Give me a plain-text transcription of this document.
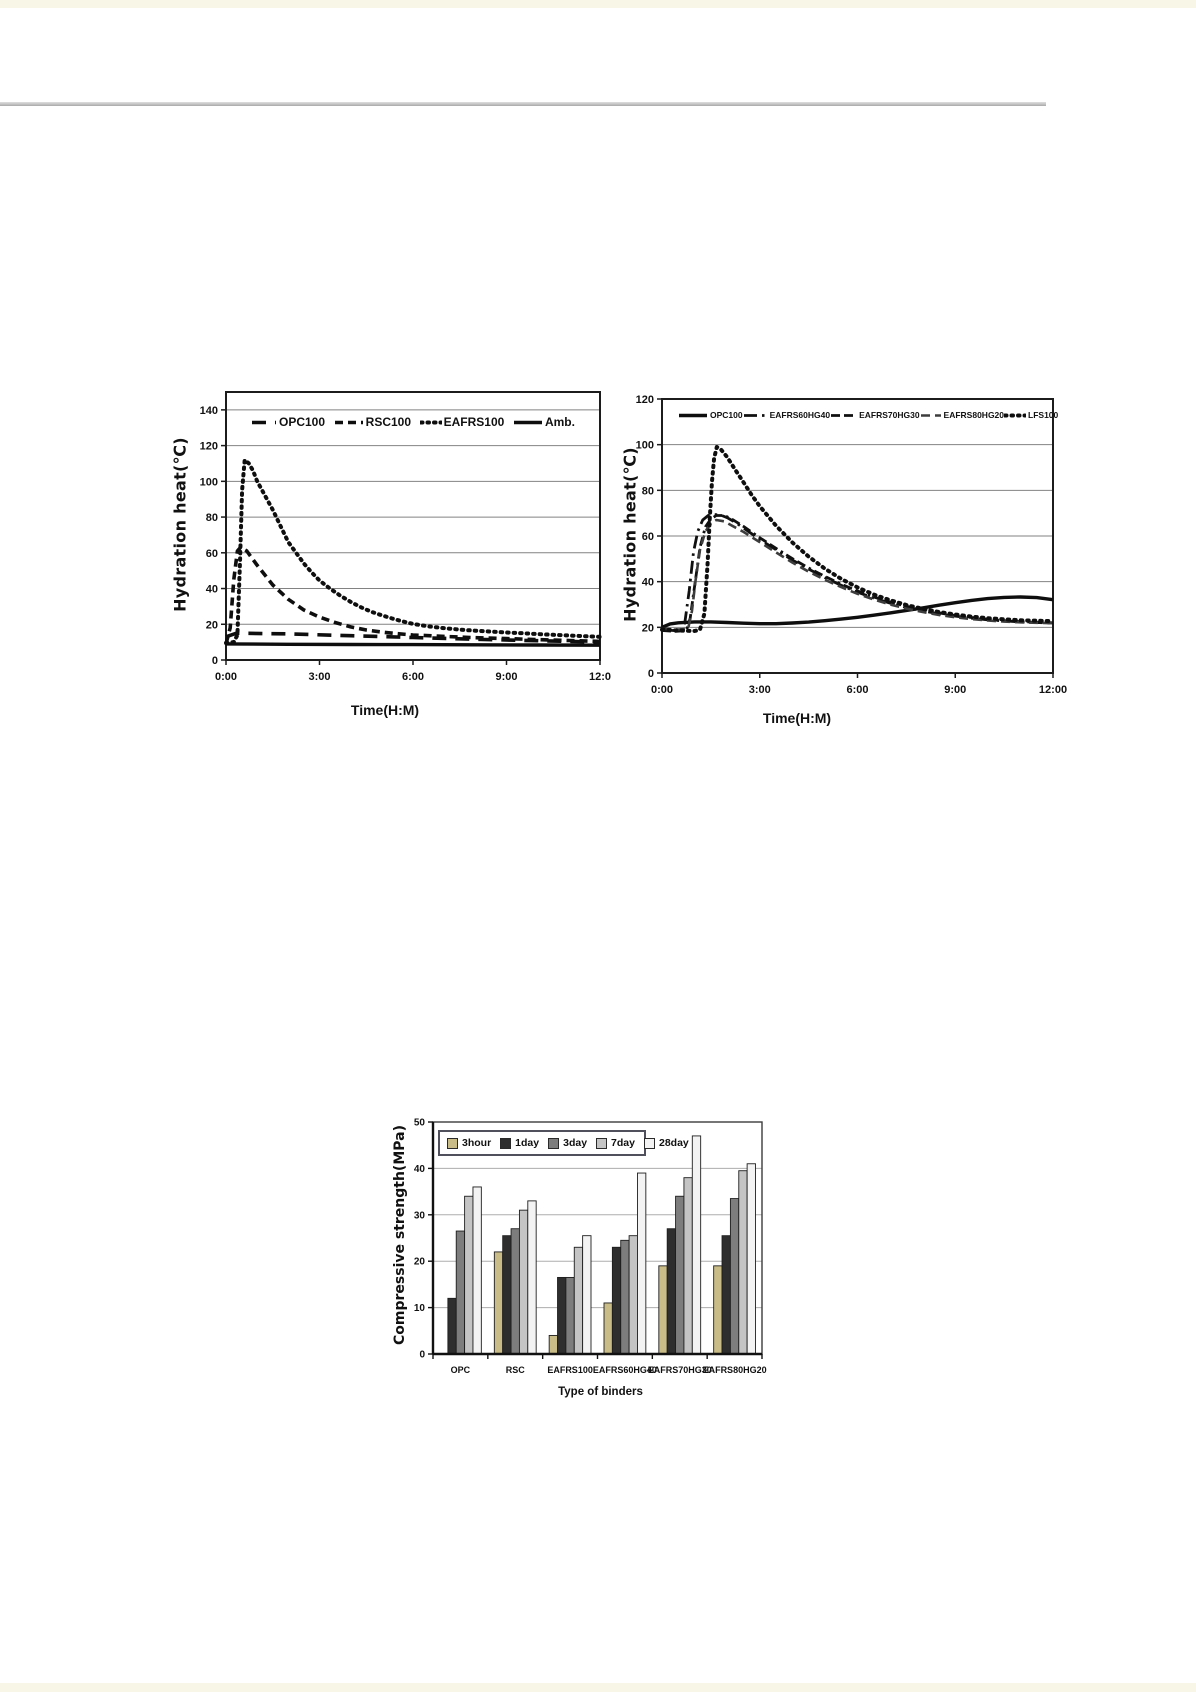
Hydration heat(℃)
Time(H:M)
0
20
40
60
80
100
120
140
0:00	3:00	6:00	9:00	12:0
OPC100	RSC100	EAFRS100	Amb.
Hydration heat(℃)
Time(H:M)
0
20
40
60
80
100
120
0:00	3:00	6:00	9:00	12:00
OPC100	EAFRS60HG40	EAFRS70HG30	EAFRS80HG20	LFS100
Compressive strength(MPa)
Type of binders
0
10
20
30
40
50
OPC	RSC	EAFRS100 EAFRS60HG40
EAFRS70HG30
EAFRS80HG20
3hour 1day 3day 7day 28day
